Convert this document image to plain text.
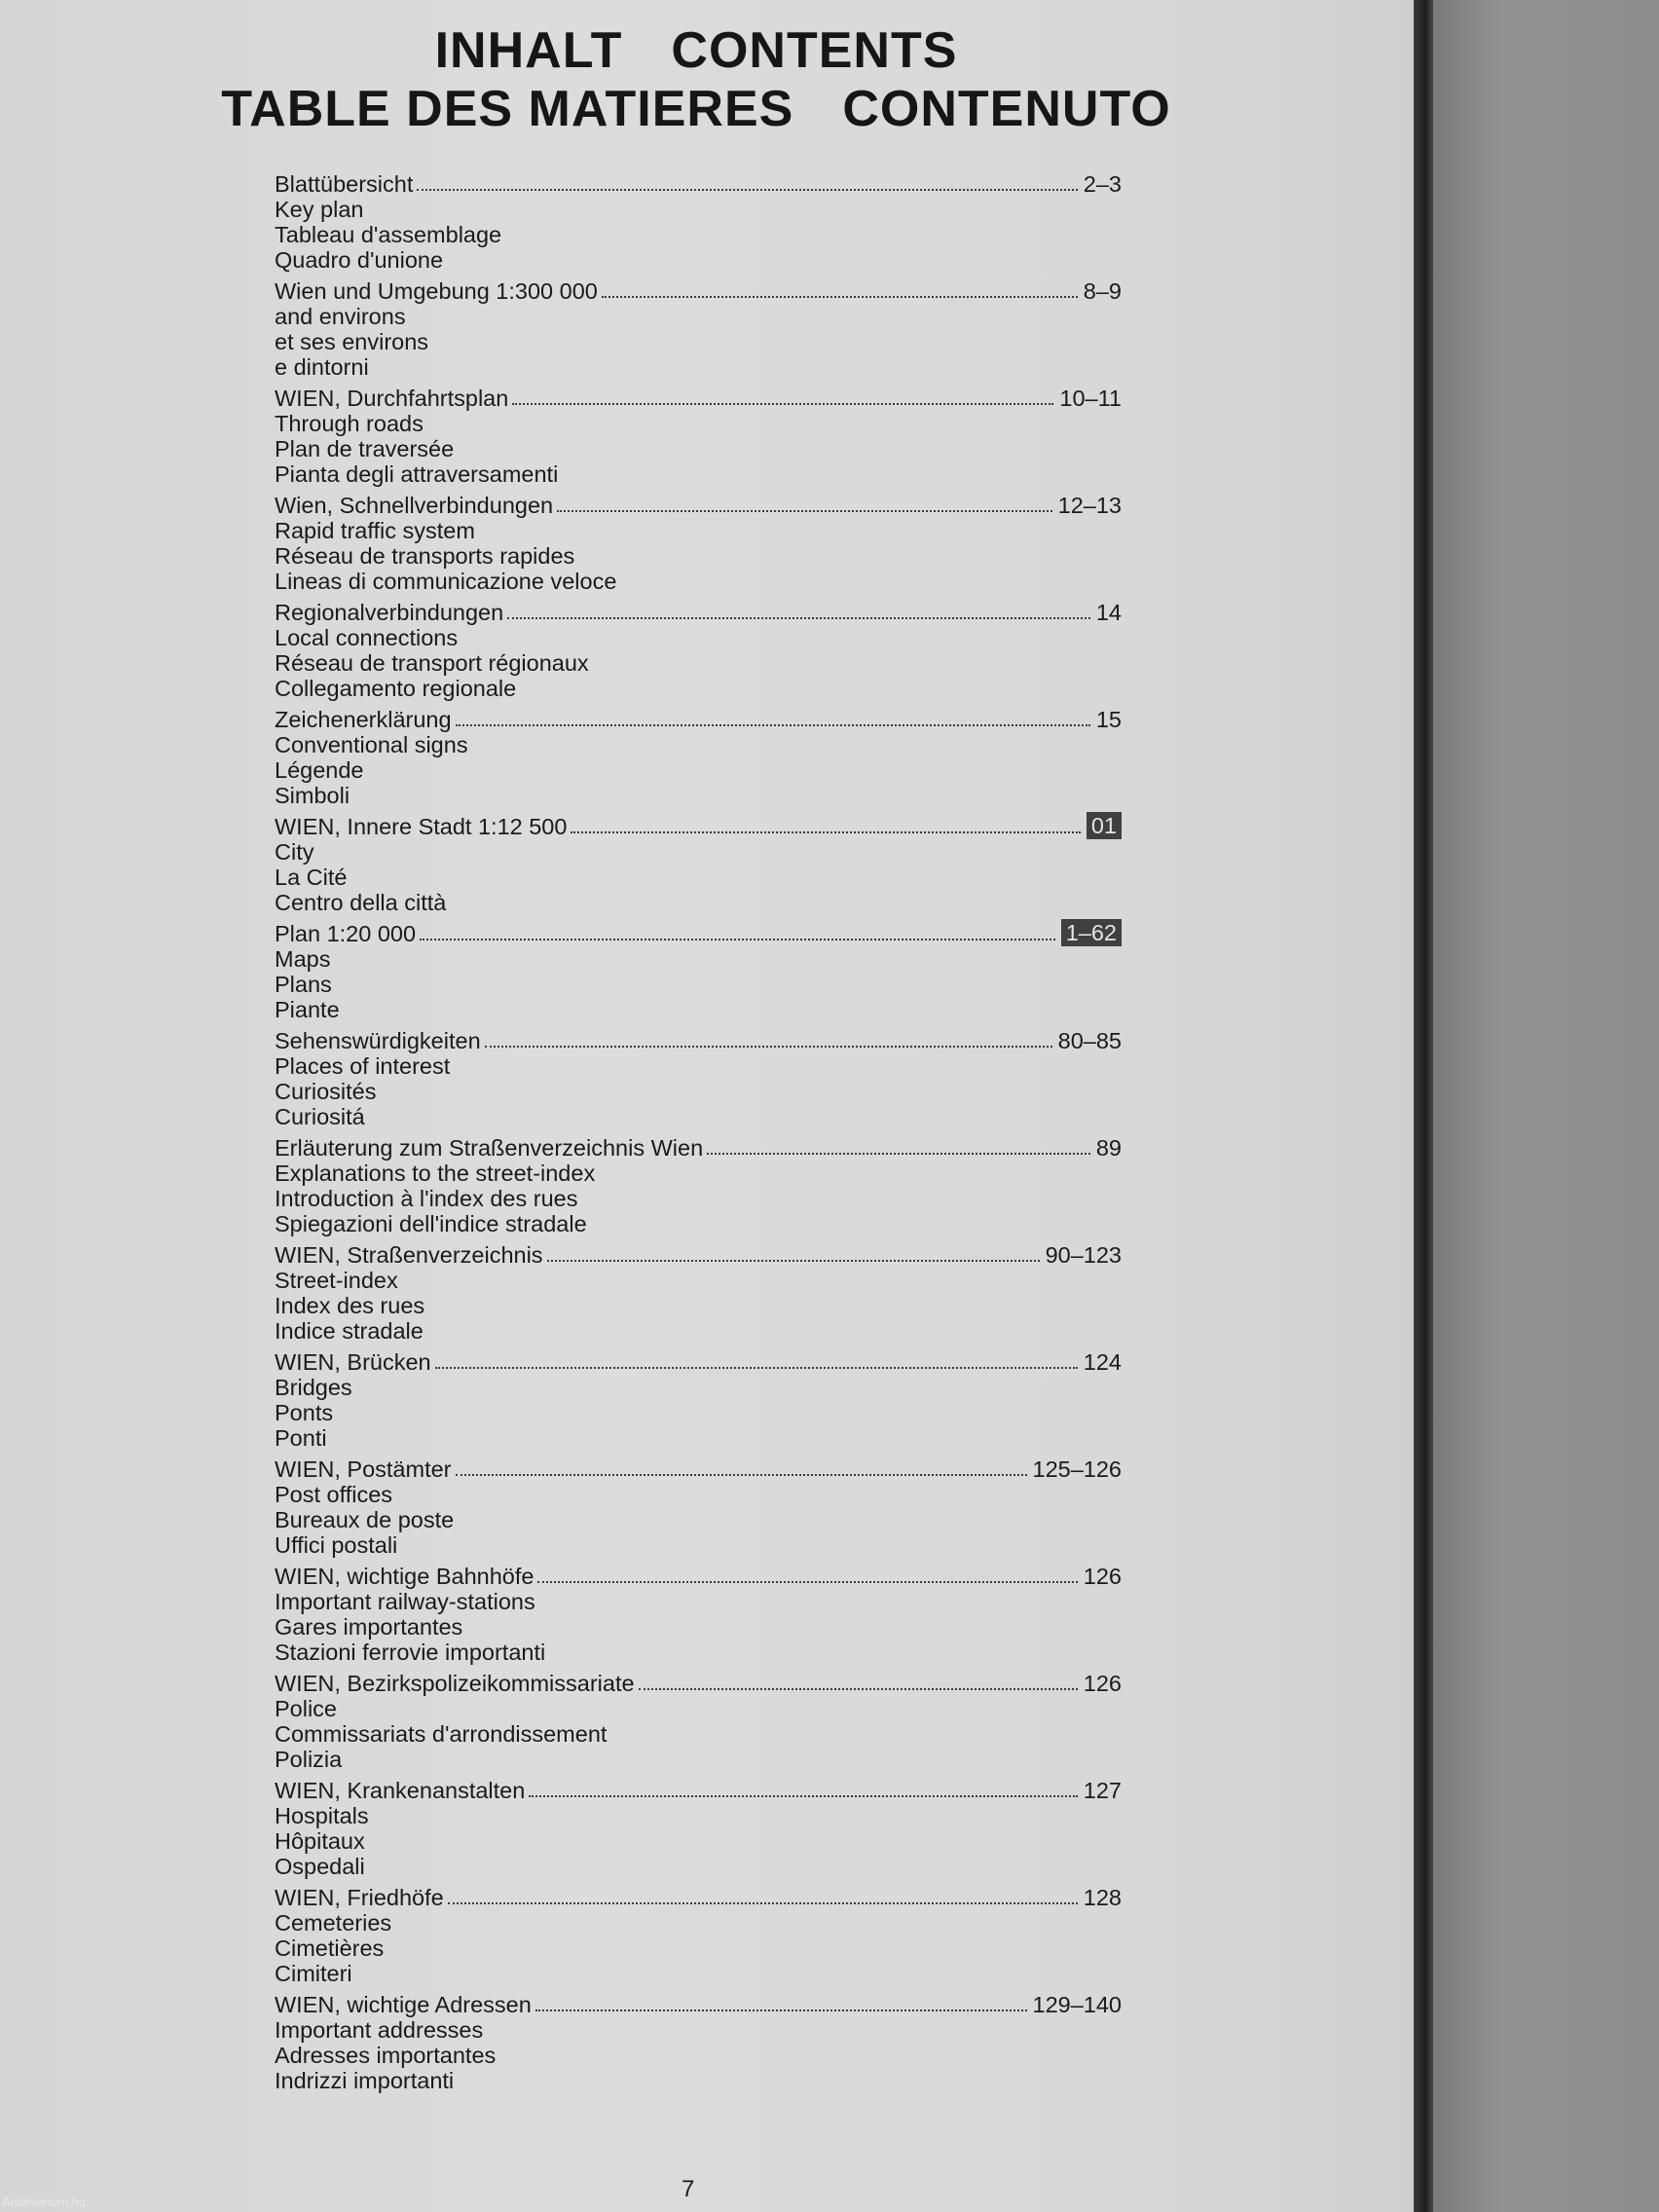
INHALT CONTENTS
TABLE DES MATIERES CONTENUTO
Blattübersicht	2–3
Key plan
Tableau d'assemblage
Quadro d'unione
Wien und Umgebung 1:300 000	8–9
and environs
et ses environs
e dintorni
WIEN, Durchfahrtsplan	10–11
Through roads
Plan de traversée
Pianta degli attraversamenti
Wien, Schnellverbindungen	12–13
Rapid traffic system
Réseau de transports rapides
Lineas di communicazione veloce
Regionalverbindungen	14
Local connections
Réseau de transport régionaux
Collegamento regionale
Zeichenerklärung	15
Conventional signs
Légende
Simboli
WIEN, Innere Stadt 1:12 500	01
City
La Cité
Centro della città
Plan 1:20 000	1–62
Maps
Plans
Piante
Sehenswürdigkeiten	80–85
Places of interest
Curiosités
Curiositá
Erläuterung zum Straßenverzeichnis Wien	89
Explanations to the street-index
Introduction à l'index des rues
Spiegazioni dell'indice stradale
WIEN, Straßenverzeichnis	90–123
Street-index
Index des rues
Indice stradale
WIEN, Brücken	124
Bridges
Ponts
Ponti
WIEN, Postämter	125–126
Post offices
Bureaux de poste
Uffici postali
WIEN, wichtige Bahnhöfe	126
Important railway-stations
Gares importantes
Stazioni ferrovie importanti
WIEN, Bezirkspolizeikommissariate	126
Police
Commissariats d'arrondissement
Polizia
WIEN, Krankenanstalten	127
Hospitals
Hôpitaux
Ospedali
WIEN, Friedhöfe	128
Cemeteries
Cimetières
Cimiteri
WIEN, wichtige Adressen	129–140
Important addresses
Adresses importantes
Indrizzi importanti
7
Antikvarium.hu
